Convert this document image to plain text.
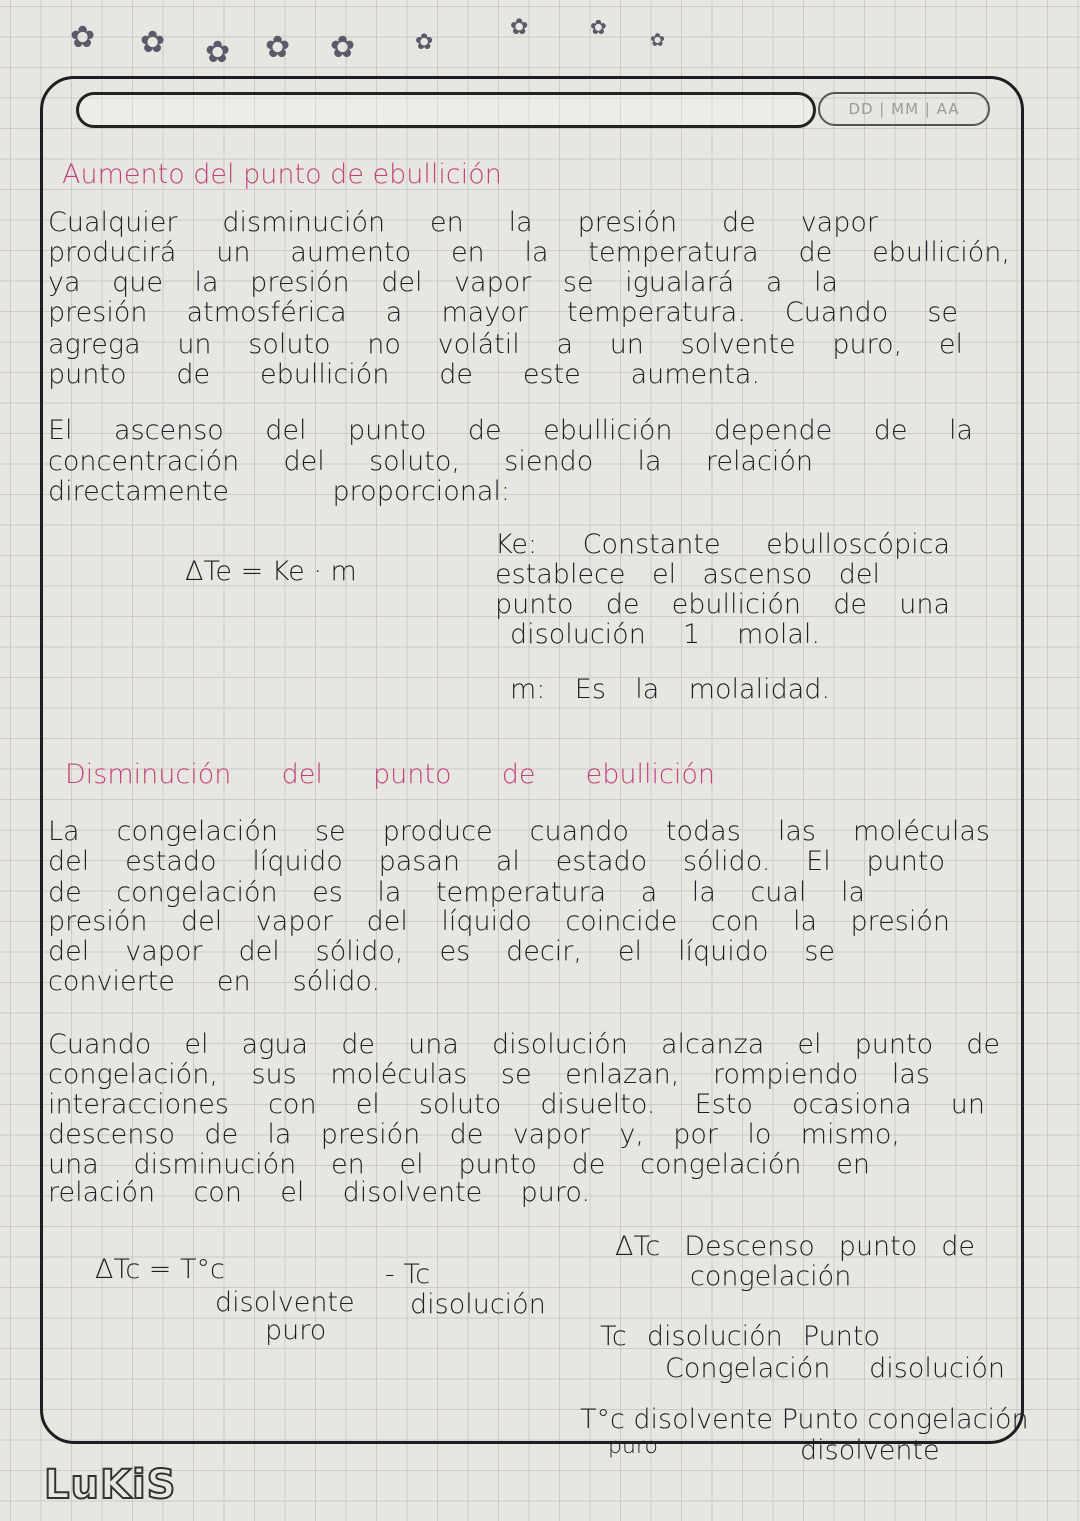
✿ ✿ ✿ ✿ ✿	✿
✿	✿
✿
DD | MM | AA
Aumento del punto de ebullición
Cualquier disminución en la presión de vapor
producirá un aumento en la temperatura de ebullición,
ya que la presión del vapor se igualará a la
presión atmosférica a mayor temperatura. Cuando se
agrega un soluto no volátil a un solvente puro, el
punto de ebullición de este aumenta.
El ascenso del punto de ebullición depende de la
concentración del soluto, siendo la relación
directamente proporcional:
ΔTe = Ke · m
Ke: Constante ebulloscópica
establece el ascenso del
punto de ebullición de una
disolución 1 molal.
m: Es la molalidad.
Disminución del punto de ebullición
La congelación se produce cuando todas las moléculas
del estado líquido pasan al estado sólido. El punto
de congelación es la temperatura a la cual la
presión del vapor del líquido coincide con la presión
del vapor del sólido, es decir, el líquido se
convierte en sólido.
Cuando el agua de una disolución alcanza el punto de
congelación, sus moléculas se enlazan, rompiendo las
interacciones con el soluto disuelto. Esto ocasiona un
descenso de la presión de vapor y, por lo mismo,
una disminución en el punto de congelación en
relación con el disolvente puro.
ΔTc = T°c
disolvente
puro
- Tc
disolución
ΔTc Descenso punto de
congelación
Tc disolución Punto
Congelación disolución
T°c disolvente Punto congelación
puro	disolvente
LuKiS
